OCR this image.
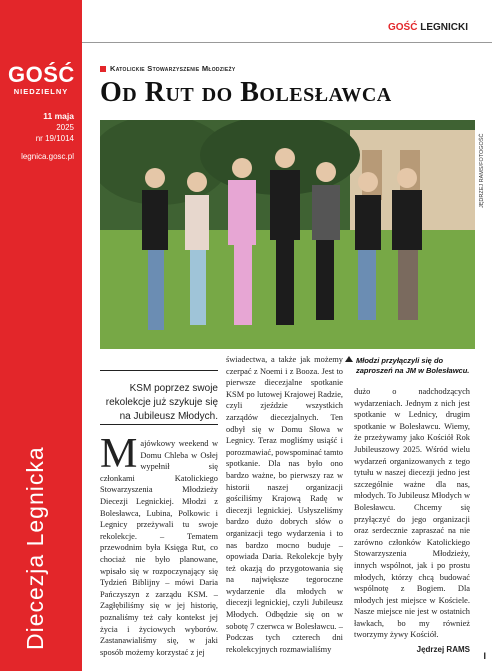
GOŚĆ
NIEDZIELNY
11 maja
2025
nr 19/1014
legnica.gosc.pl
Diecezja Legnicka
GOŚĆ LEGNICKI
Katolickie Stowarzyszenie Młodzieży
Od Rut do Bolesławca
JĘDRZEJ RAMS/FOTOGOŚĆ
Młodzi przyłączyli się do zaproszeń na JM w Bolesławcu.
KSM poprzez swoje rekolekcje już szykuje się na Jubileusz Młodych.
M ajówkowy weekend w Domu Chleba w Osłej wypełnił się członkami Katolickiego Stowarzyszenia Młodzieży Diecezji Legnickiej. Młodzi z Bolesławca, Lubina, Polkowic i Legnicy przeżywali tu swoje rekolekcje. – Tematem przewodnim była Księga Rut, co chociaż nie było planowane, wpisało się w rozpoczynający się Tydzień Biblijny – mówi Daria Pańczyszyn z zarządu KSM. – Zagłębiliśmy się w jej historię, poznaliśmy też cały kontekst jej życia i życiowych wyborów. Zastanawialiśmy się, w jaki sposób możemy korzystać z jej

świadectwa, a także jak możemy czerpać z Noemi i z Booza. Jest to pierwsze diecezjalne spotkanie KSM po lutowej Krajowej Radzie, czyli zjeździe wszystkich zarządów diecezjalnych. Ten odbył się w Domu Słowa w Legnicy. Teraz mogliśmy usiąść i porozmawiać, powspominać tamto spotkanie. Dla nas było ono bardzo ważne, bo pierwszy raz w historii naszej organizacji gościliśmy Krajową Radę w diecezji legnickiej. Usłyszeliśmy bardzo dużo dobrych słów o organizacji tego wydarzenia i to nas bardzo mocno buduje – opowiada Daria. Rekolekcje były też okazją do przygotowania się na największe tegoroczne wydarzenie dla młodych w diecezji legnickiej, czyli Jubileusz Młodych. Odbędzie się on w sobotę 7 czerwca w Bolesławcu. – Podczas tych czterech dni rekolekcyjnych rozmawialiśmy

dużo o nadchodzących wydarzeniach. Jednym z nich jest spotkanie w Lednicy, drugim spotkanie w Bolesławcu. Wiemy, że przeżywamy jako Kościół Rok Jubileuszowy 2025. Wśród wielu wydarzeń organizowanych z tego tytułu w naszej diecezji jedno jest szczególnie ważne dla nas, młodych. To Jubileusz Młodych w Bolesławcu. Chcemy się przyłączyć do jego organizacji oraz serdecznie zapraszać na nie zarówno członków Katolickiego Stowarzyszenia Młodzieży, innych wspólnot, jak i po prostu młodych, którzy chcą budować wspólnotę z Bogiem. Dla młodych jest miejsce w Kościele. Nasze miejsce nie jest w ostatnich ławkach, bo my również tworzymy żywy Kościół.

Jędrzej RAMS
I
